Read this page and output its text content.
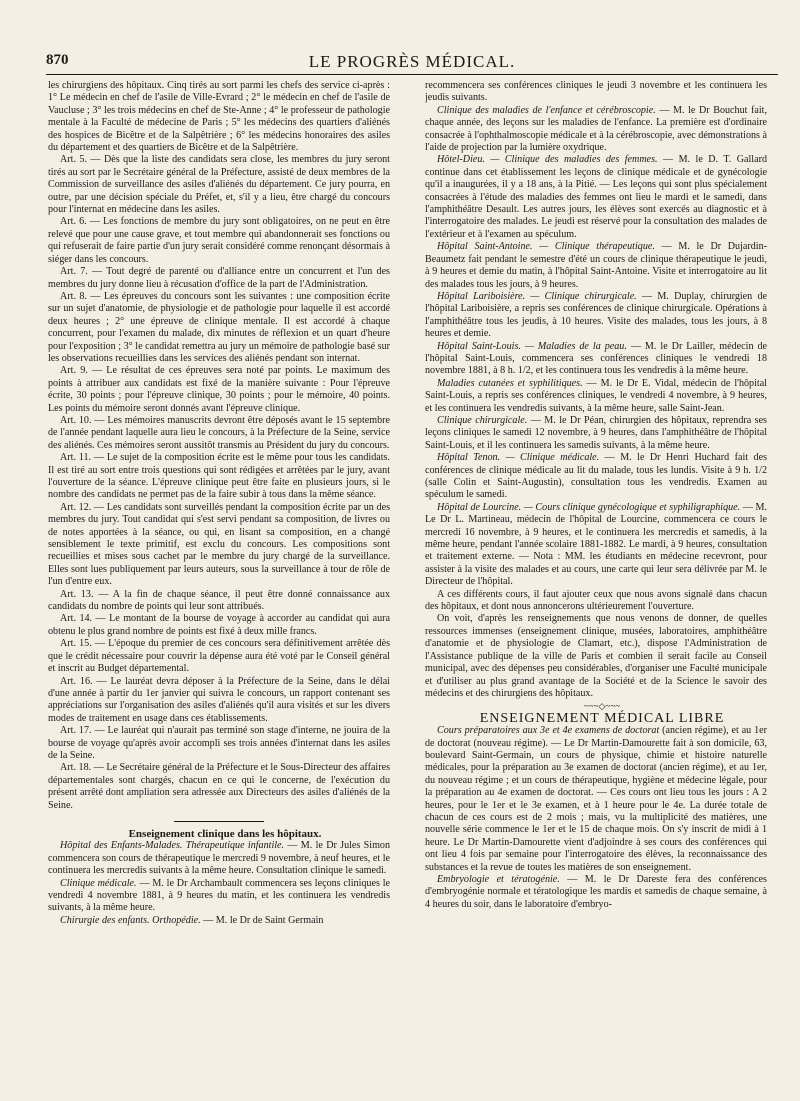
870	LE PROGRÈS MÉDICAL.

les chirurgiens des hôpitaux. Cinq tirés au sort parmi les chefs des service ci-après : 1° Le médecin en chef de l'asile de Ville-Evrard ; 2° le médecin en chef de l'asile de Vaucluse ; 3° les trois médecins en chef de Ste-Anne ; 4° le professeur de pathologie mentale à la Faculté de médecine de Paris ; 5° les médecins des quartiers d'aliénés des hospices de Bicêtre et de la Salpêtrière ; 6° les médecins honoraires des asiles du département et des quartiers de Bicêtre et de la Salpêtrière.

Art. 5. — Dès que la liste des candidats sera close, les membres du jury seront tirés au sort par le Secrétaire général de la Préfecture, assisté de deux membres de la Commission de surveillance des asiles d'aliénés du département. Ce jury pourra, en outre, par une décision spéciale du Préfet, et, s'il y a lieu, être chargé du concours pour l'internat en médecine dans les asiles.

Art. 6. — Les fonctions de membre du jury sont obligatoires, on ne peut en être relevé que pour une cause grave, et tout membre qui abandonnerait ses fonctions ou qui refuserait de faire partie d'un jury serait considéré comme renonçant désormais à siéger dans les concours.

Art. 7. — Tout degré de parenté ou d'alliance entre un concurrent et l'un des membres du jury donne lieu à récusation d'office de la part de l'Administration.

Art. 8. — Les épreuves du concours sont les suivantes : une composition écrite sur un sujet d'anatomie, de physiologie et de pathologie pour laquelle il est accordé deux heures ; 2° une épreuve de clinique mentale. Il est accordé à chaque concurrent, pour l'examen du malade, dix minutes de réflexion et un quart d'heure pour l'exposition ; 3° le candidat remettra au jury un mémoire de pathologie basé sur les observations recueillies dans les services des aliénés pendant son internat.

Art. 9. — Le résultat de ces épreuves sera noté par points. Le maximum des points à attribuer aux candidats est fixé de la manière suivante : Pour l'épreuve écrite, 30 points ; pour l'épreuve clinique, 30 points ; pour le mémoire, 40 points. Les points du mémoire seront donnés avant l'épreuve clinique.

Art. 10. — Les mémoires manuscrits devront être déposés avant le 15 septembre de l'année pendant laquelle aura lieu le concours, à la Préfecture de la Seine, service des aliénés. Ces mémoires seront aussitôt transmis au Président du jury du concours.

Art. 11. — Le sujet de la composition écrite est le même pour tous les candidats. Il est tiré au sort entre trois questions qui sont rédigées et arrêtées par le jury, avant l'ouverture de la séance. L'épreuve clinique peut être faite en plusieurs jours, si le nombre des candidats ne permet pas de la faire subir à tous dans la même séance.

Art. 12. — Les candidats sont surveillés pendant la composition écrite par un des membres du jury. Tout candidat qui s'est servi pendant sa composition, de livres ou de notes apportées à la séance, ou qui, en lisant sa composition, en a changé sensiblement le texte primitif, est exclu du concours. Les compositions sont recueillies et mises sous cachet par le membre du jury chargé de la surveillance. Elles sont lues publiquement par leurs auteurs, sous la surveillance à tour de rôle de l'un d'entre eux.

Art. 13. — A la fin de chaque séance, il peut être donné connaissance aux candidats du nombre de points qui leur sont attribués.

Art. 14. — Le montant de la bourse de voyage à accorder au candidat qui aura obtenu le plus grand nombre de points est fixé à deux mille francs.

Art. 15. — L'époque du premier de ces concours sera définitivement arrêtée dès que le crédit nécessaire pour couvrir la dépense aura été voté par le Conseil général et inscrit au Budget départemental.

Art. 16. — Le lauréat devra déposer à la Préfecture de la Seine, dans le délai d'une année à partir du 1er janvier qui suivra le concours, un rapport contenant ses appréciations sur l'organisation des asiles d'aliénés qu'il aura visités et sur les divers modes de traitement en usage dans ces établissements.

Art. 17. — Le lauréat qui n'aurait pas terminé son stage d'interne, ne jouira de la bourse de voyage qu'après avoir accompli ses trois années d'internat dans les asiles de la Seine.

Art. 18. — Le Secrétaire général de la Préfecture et le Sous-Directeur des affaires départementales sont chargés, chacun en ce qui le concerne, de l'exécution du présent arrêté dont ampliation sera adressée aux Directeurs des asiles d'aliénés de la Seine.

Enseignement clinique dans les hôpitaux.

Hôpital des Enfants-Malades. Thérapeutique infantile. — M. le Dr Jules Simon commencera son cours de thérapeutique le mercredi 9 novembre, à neuf heures, et le continuera les mercredis suivants à la même heure. Consultation clinique le samedi.

Clinique médicale. — M. le Dr Archambault commencera ses leçons cliniques le vendredi 4 novembre 1881, à 9 heures du matin, et les continuera les vendredis suivants, à la même heure.

Chirurgie des enfants. Orthopédie. — M. le Dr de Saint Germain

recommencera ses conférences cliniques le jeudi 3 novembre et les continuera les jeudis suivants.

Clinique des maladies de l'enfance et cérébroscopie. — M. le Dr Bouchut fait, chaque année, des leçons sur les maladies de l'enfance. La première est d'ordinaire consacrée à l'ophthalmoscopie médicale et à la cérébroscopie, avec démonstrations à l'aide de projection par la lumière oxydrique.

Hôtel-Dieu. — Clinique des maladies des femmes. — M. le D. T. Gallard continue dans cet établissement les leçons de clinique médicale et de gynécologie qu'il a inaugurées, il y a 18 ans, à la Pitié. — Les leçons qui sont plus spécialement consacrées à l'étude des maladies des femmes ont lieu le mardi et le samedi, dans l'amphithéâtre Desault. Les autres jours, les élèves sont exercés au diagnostic et à l'interrogatoire des malades. Le jeudi est réservé pour la consultation des malades de l'extérieur et à l'examen au spéculum.

Hôpital Saint-Antoine. — Clinique thérapeutique. — M. le Dr Dujardin-Beaumetz fait pendant le semestre d'été un cours de clinique thérapeutique le jeudi, à 9 heures et demie du matin, à l'hôpital Saint-Antoine. Visite et interrogatoire au lit des malades tous les jours, à 9 heures.

Hôpital Lariboisière. — Clinique chirurgicale. — M. Duplay, chirurgien de l'hôpital Lariboisière, a repris ses conférences de clinique chirurgicale. Opérations à l'amphithéâtre tous les jeudis, à 10 heures. Visite des malades, tous les jours, à 8 heures et demie.

Hôpital Saint-Louis. — Maladies de la peau. — M. le Dr Lailler, médecin de l'hôpital Saint-Louis, commencera ses conférences cliniques le vendredi 18 novembre 1881, à 8 h. 1/2, et les continuera tous les vendredis à la même heure.

Maladies cutanées et syphilitiques. — M. le Dr E. Vidal, médecin de l'hôpital Saint-Louis, a repris ses conférences cliniques, le vendredi 4 novembre, à 9 heures, et les continuera les vendredis suivants, à la même heure, salle Saint-Jean.

Clinique chirurgicale. — M. le Dr Péan, chirurgien des hôpitaux, reprendra ses leçons cliniques le samedi 12 novembre, à 9 heures, dans l'amphithéâtre de l'hôpital Saint-Louis, et il les continuera les samedis suivants, à la même heure.

Hôpital Tenon. — Clinique médicale. — M. le Dr Henri Huchard fait des conférences de clinique médicale au lit du malade, tous les lundis. Visite à 9 h. 1/2 (salle Colin et Saint-Augustin), consultation tous les vendredis. Examen au spéculum le samedi.

Hôpital de Lourcine. — Cours clinique gynécologique et syphiligraphique. — M. Le Dr L. Martineau, médecin de l'hôpital de Lourcine, commencera ce cours le mercredi 16 novembre, à 9 heures, et le continuera les mercredis et samedis, à la même heure, pendant l'année scolaire 1881-1882. Le mardi, à 9 heures, consultation et traitement externe. — Nota : MM. les étudiants en médecine recevront, pour assister à la visite des malades et au cours, une carte qui leur sera délivrée par M. le Directeur de l'hôpital.

A ces différents cours, il faut ajouter ceux que nous avons signalé dans chacun des hôpitaux, et dont nous annoncerons ultérieurement l'ouverture.

On voit, d'après les renseignements que nous venons de donner, de quelles ressources immenses (enseignement clinique, musées, laboratoires, amphithéâtre d'anatomie et de physiologie de Clamart, etc.), dispose l'Administration de l'Assistance publique de la ville de Paris et combien il serait facile au Conseil municipal, avec des dépenses peu considérables, d'organiser une Faculté municipale et d'utiliser au plus grand avantage de la Société et de la Science le savoir des médecins et des chirurgiens des hôpitaux.

~~~◇~~~

ENSEIGNEMENT MÉDICAL LIBRE

Cours préparatoires aux 3e et 4e examens de doctorat (ancien régime), et au 1er de doctorat (nouveau régime). — Le Dr Martin-Damourette fait à son domicile, 63, boulevard Saint-Germain, un cours de physique, chimie et histoire naturelle médicales, pour la préparation au 3e examen de doctorat (ancien régime), et au 1er, du nouveau régime ; et un cours de thérapeutique, hygiène et médecine légale, pour la préparation au 4e examen de doctorat. — Ces cours ont lieu tous les jours : A 2 heures, pour le 1er et le 3e examen, et à 1 heure pour le 4e. La durée totale de chacun de ces cours est de 2 mois ; mais, vu la multiplicité des matières, une nouvelle série commence le 1er et le 15 de chaque mois. On s'y inscrit de midi à 1 heure. Le Dr Martin-Damourette vient d'adjoindre à ses cours des conférences qui ont lieu 4 fois par semaine pour l'interrogatoire des élèves, la reconnaissance des substances et la revue de toutes les matières de son enseignement.

Embryologie et tératogénie. — M. le Dr Dareste fera des conférences d'embryogénie normale et tératologique les mardis et samedis de chaque semaine, à 4 heures du soir, dans le laboratoire d'embryo-
